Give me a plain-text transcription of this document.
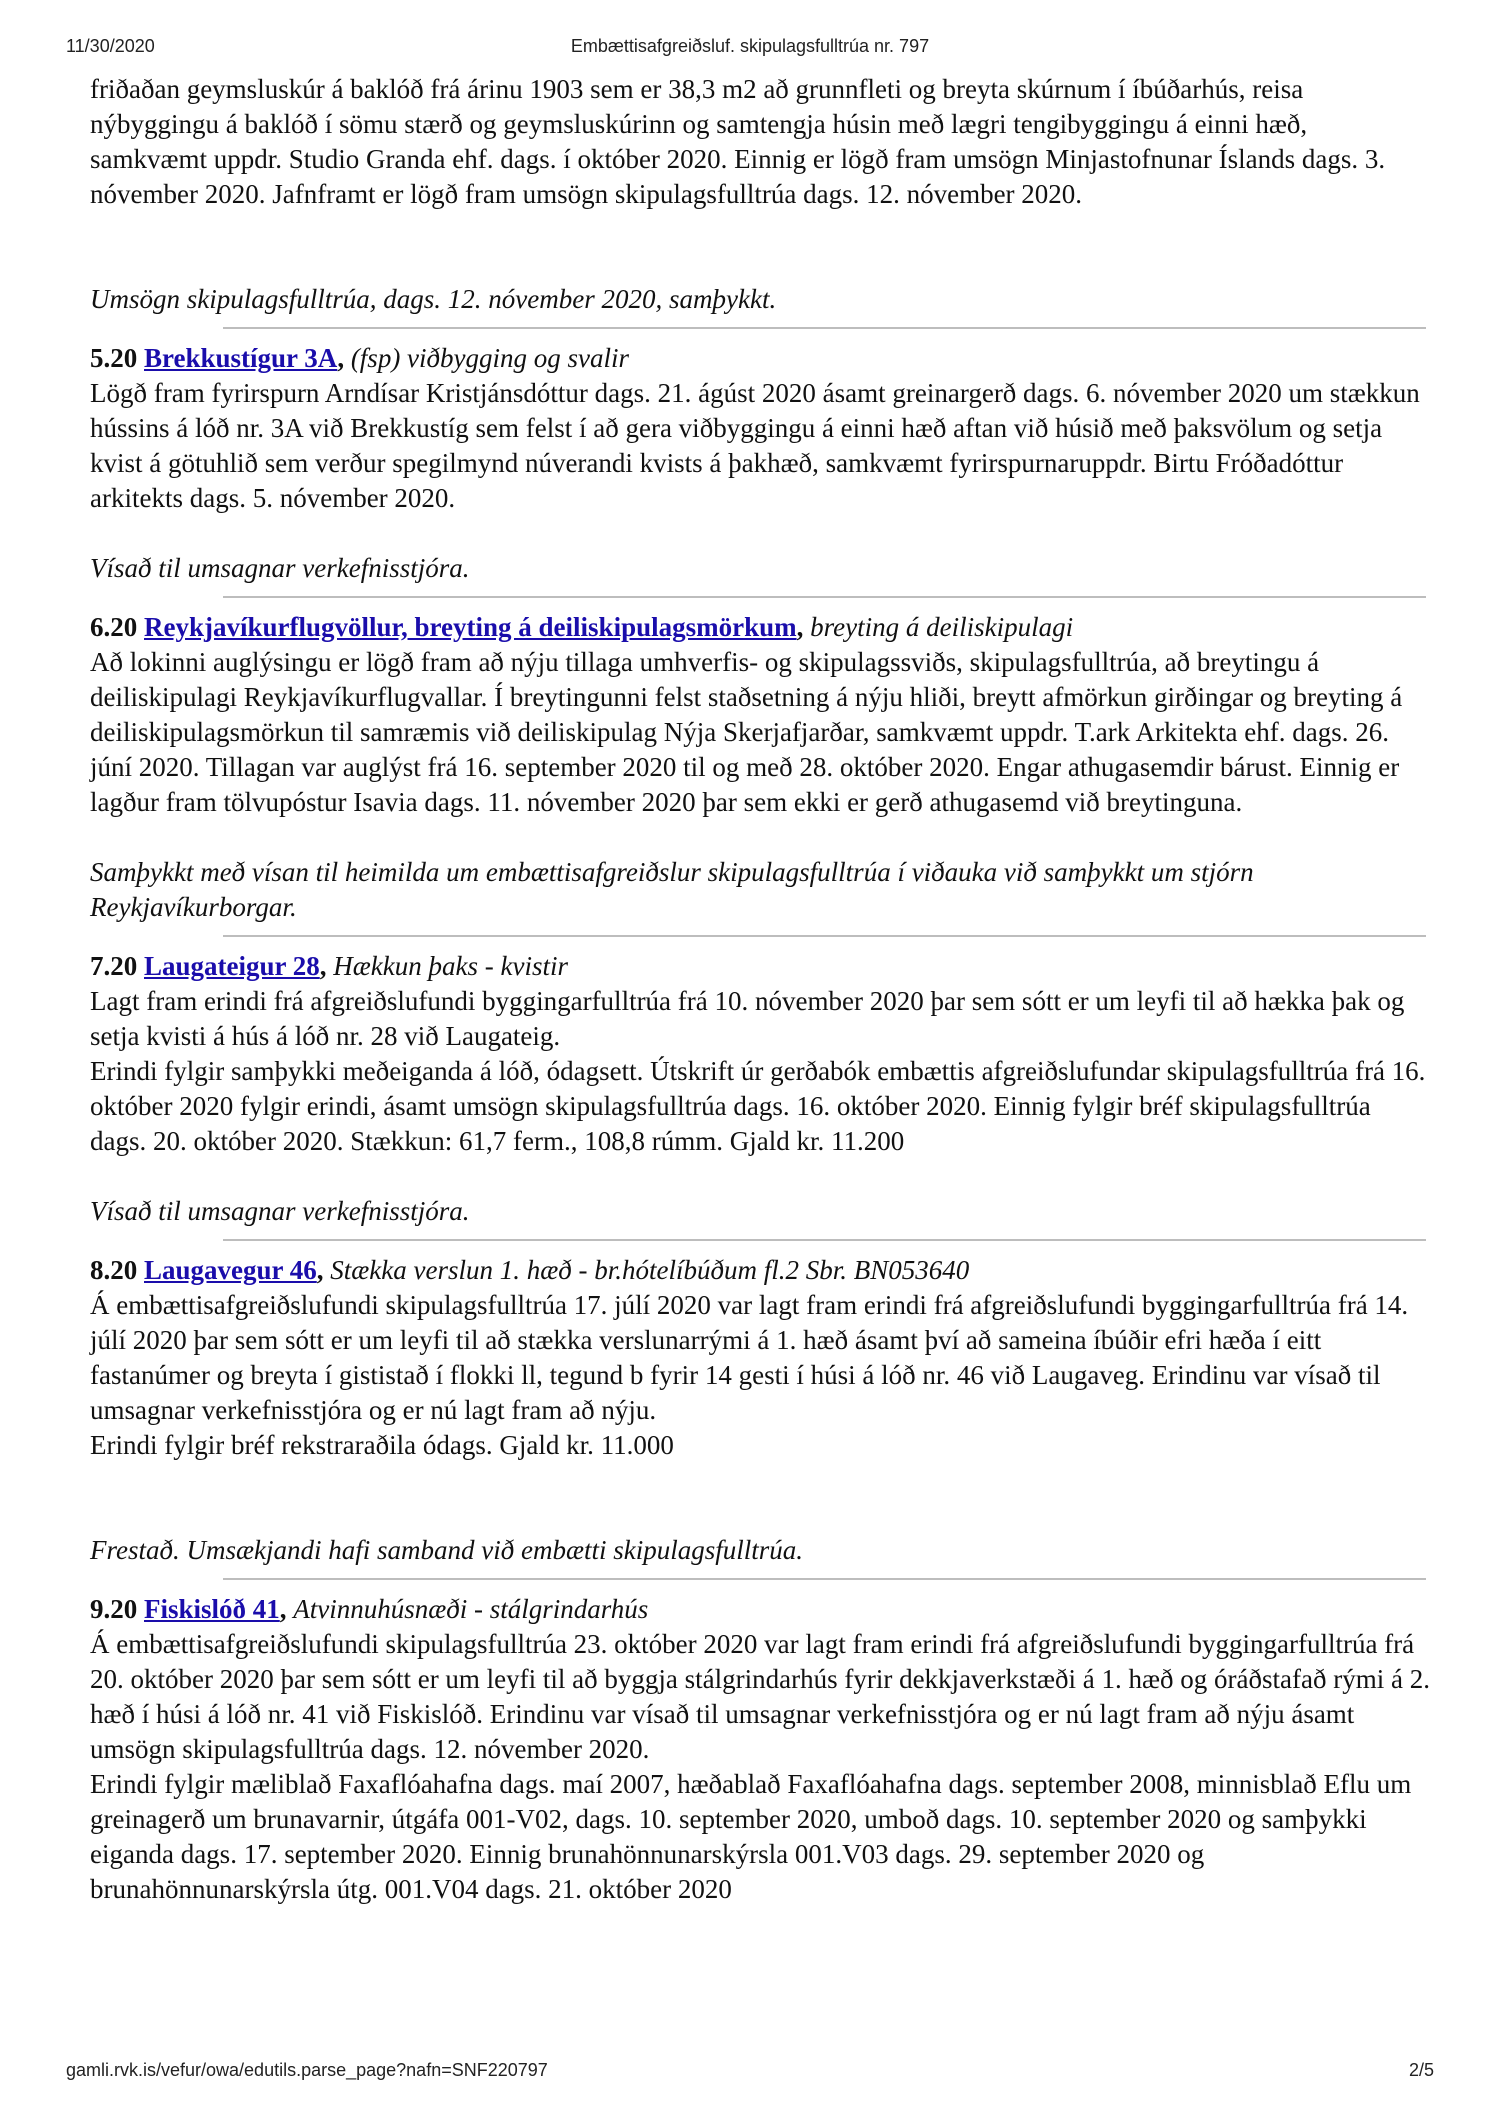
11/30/2020	Embættisafgreiðsluf. skipulagsfulltrúa nr. 797

friðaðan geymsluskúr á baklóð frá árinu 1903 sem er 38,3 m2 að grunnfleti og breyta skúrnum í íbúðarhús, reisa nýbyggingu á baklóð í sömu stærð og geymsluskúrinn og samtengja húsin með lægri tengibyggingu á einni hæð, samkvæmt uppdr. Studio Granda ehf. dags. í október 2020. Einnig er lögð fram umsögn Minjastofnunar Íslands dags. 3. nóvember 2020. Jafnframt er lögð fram umsögn skipulagsfulltrúa dags. 12. nóvember 2020.

Umsögn skipulagsfulltrúa, dags. 12. nóvember 2020, samþykkt.

5.20 Brekkustígur 3A, (fsp) viðbygging og svalir

Lögð fram fyrirspurn Arndísar Kristjánsdóttur dags. 21. ágúst 2020 ásamt greinargerð dags. 6. nóvember 2020 um stækkun hússins á lóð nr. 3A við Brekkustíg sem felst í að gera viðbyggingu á einni hæð aftan við húsið með þaksvölum og setja kvist á götuhlið sem verður spegilmynd núverandi kvists á þakhæð, samkvæmt fyrirspurnaruppdr. Birtu Fróðadóttur arkitekts dags. 5. nóvember 2020.

Vísað til umsagnar verkefnisstjóra.

6.20 Reykjavíkurflugvöllur, breyting á deiliskipulagsmörkum, breyting á deiliskipulagi

Að lokinni auglýsingu er lögð fram að nýju tillaga umhverfis- og skipulagssviðs, skipulagsfulltrúa, að breytingu á deiliskipulagi Reykjavíkurflugvallar. Í breytingunni felst staðsetning á nýju hliði, breytt afmörkun girðingar og breyting á deiliskipulagsmörkun til samræmis við deiliskipulag Nýja Skerjafjarðar, samkvæmt uppdr. T.ark Arkitekta ehf. dags. 26. júní 2020. Tillagan var auglýst frá 16. september 2020 til og með 28. október 2020. Engar athugasemdir bárust. Einnig er lagður fram tölvupóstur Isavia dags. 11. nóvember 2020 þar sem ekki er gerð athugasemd við breytinguna.

Samþykkt með vísan til heimilda um embættisafgreiðslur skipulagsfulltrúa í viðauka við samþykkt um stjórn Reykjavíkurborgar.

7.20 Laugateigur 28, Hækkun þaks - kvistir

Lagt fram erindi frá afgreiðslufundi byggingarfulltrúa frá 10. nóvember 2020 þar sem sótt er um leyfi til að hækka þak og setja kvisti á hús á lóð nr. 28 við Laugateig.

Erindi fylgir samþykki meðeiganda á lóð, ódagsett. Útskrift úr gerðabók embættis afgreiðslufundar skipulagsfulltrúa frá 16. október 2020 fylgir erindi, ásamt umsögn skipulagsfulltrúa dags. 16. október 2020. Einnig fylgir bréf skipulagsfulltrúa dags. 20. október 2020. Stækkun: 61,7 ferm., 108,8 rúmm. Gjald kr. 11.200

Vísað til umsagnar verkefnisstjóra.

8.20 Laugavegur 46, Stækka verslun 1. hæð - br.hótelíbúðum fl.2 Sbr. BN053640

Á embættisafgreiðslufundi skipulagsfulltrúa 17. júlí 2020 var lagt fram erindi frá afgreiðslufundi byggingarfulltrúa frá 14. júlí 2020 þar sem sótt er um leyfi til að stækka verslunarrými á 1. hæð ásamt því að sameina íbúðir efri hæða í eitt fastanúmer og breyta í gististað í flokki ll, tegund b fyrir 14 gesti í húsi á lóð nr. 46 við Laugaveg. Erindinu var vísað til umsagnar verkefnisstjóra og er nú lagt fram að nýju.

Erindi fylgir bréf rekstraraðila ódags. Gjald kr. 11.000

Frestað. Umsækjandi hafi samband við embætti skipulagsfulltrúa.

9.20 Fiskislóð 41, Atvinnuhúsnæði - stálgrindarhús

Á embættisafgreiðslufundi skipulagsfulltrúa 23. október 2020 var lagt fram erindi frá afgreiðslufundi byggingarfulltrúa frá 20. október 2020 þar sem sótt er um leyfi til að byggja stálgrindarhús fyrir dekkjaverkstæði á 1. hæð og óráðstafað rými á 2. hæð í húsi á lóð nr. 41 við Fiskislóð. Erindinu var vísað til umsagnar verkefnisstjóra og er nú lagt fram að nýju ásamt umsögn skipulagsfulltrúa dags. 12. nóvember 2020.

Erindi fylgir mæliblað Faxaflóahafna dags. maí 2007, hæðablað Faxaflóahafna dags. september 2008, minnisblað Eflu um greinagerð um brunavarnir, útgáfa 001-V02, dags. 10. september 2020, umboð dags. 10. september 2020 og samþykki eiganda dags. 17. september 2020. Einnig brunahönnunarskýrsla 001.V03 dags. 29. september 2020 og brunahönnunarskýrsla útg. 001.V04 dags. 21. október 2020

gamli.rvk.is/vefur/owa/edutils.parse_page?nafn=SNF220797	2/5
